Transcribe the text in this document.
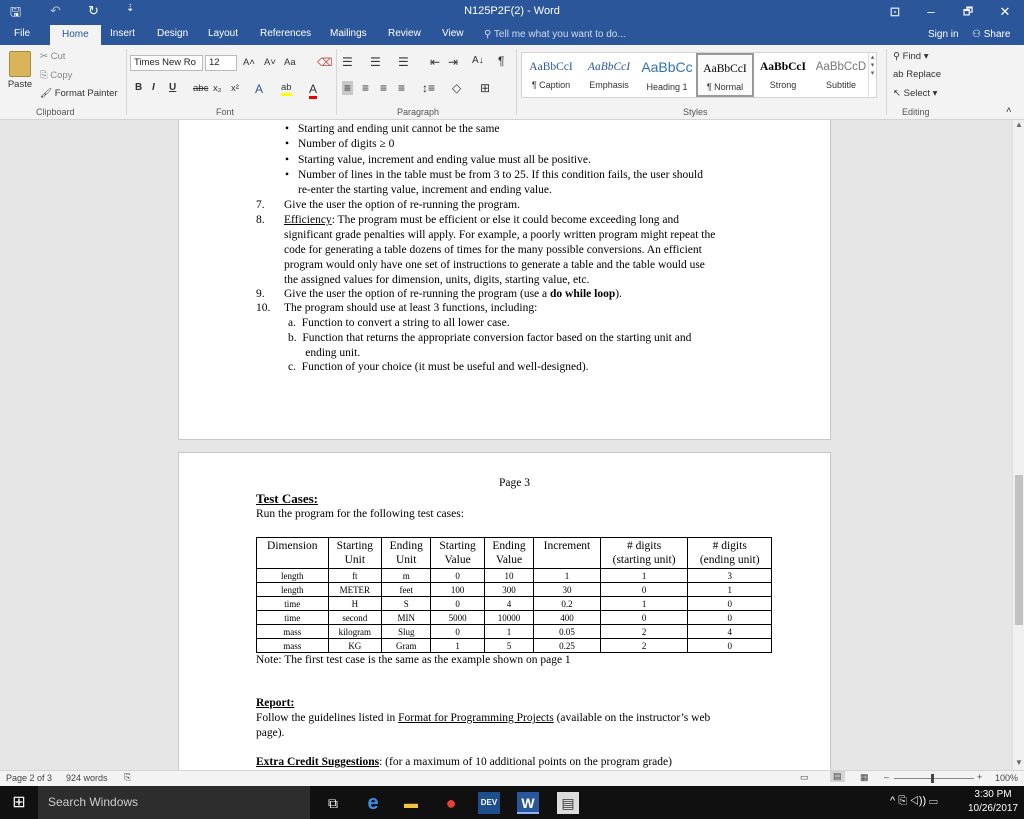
🖫 ↶ ↻	⇣	N125P2F(2) - Word	⊡	–	🗗	✕
File	Home	Insert Design Layout References Mailings Review View ⚲ Tell me what you want to do...	Sign in ⚇ Share
Paste
✂ Cut
⎘ Copy
🖌 Format Painter
Clipboard
Times New Ro	12	A˄ A˅ Aa ⌫
B I U abc x₂ x² A ab A
Font
☰ ☰ ☰ ⇤ ⇥ A↓ ¶
≡ ≡ ≡ ≡ ↕≡ ◇ ⊞
Paragraph
AaBbCcI
¶ Caption
AaBbCcI
Emphasis
AaBbCc
Heading 1
AaBbCcI
¶ Normal
AaBbCcI
Strong
AaBbCcD
Subtitle
▴
▾
▾
Styles
⚲ Find ▾
ab Replace
↖ Select ▾
Editing	˄
• Starting and ending unit cannot be the same
• Number of digits ≥ 0
• Starting value, increment and ending value must all be positive.
• Number of lines in the table must be from 3 to 25. If this condition fails, the user should
re-enter the starting value, increment and ending value.
7. Give the user the option of re-running the program.
8. Efficiency: The program must be efficient or else it could become exceeding long and
significant grade penalties will apply. For example, a poorly written program might repeat the
code for generating a table dozens of times for the many possible conversions. An efficient
program would only have one set of instructions to generate a table and the table would use
the assigned values for dimension, units, digits, starting value, etc.
9. Give the user the option of re-running the program (use a do while loop).
10. The program should use at least 3 functions, including:
a.  Function to convert a string to all lower case.
b.  Function that returns the appropriate conversion factor based on the starting unit and
ending unit.
c.  Function of your choice (it must be useful and well-designed).
Page 3
Test Cases:
Run the program for the following test cases:
Dimension	Starting
Unit	Ending
Unit	Starting
Value	Ending
Value	Increment	# digits
(starting unit)	# digits
(ending unit)
length	ft	m	0	10	1	1	3
length	METER	feet	100	300	30	0	1
time	H	S	0	4	0.2	1	0
time	second	MIN	5000	10000	400	0	0
mass	kilogram	Slug	0	1	0.05	2	4
mass	KG	Gram	1	5	0.25	2	0
Note: The first test case is the same as the example shown on page 1
Report:
Follow the guidelines listed in Format for Programming Projects (available on the instructor’s web
page).
Extra Credit Suggestions: (for a maximum of 10 additional points on the program grade)
▲
▼
Page 2 of 3 924 words ⎘	▭	▤	▦ –	+ 100%
⊞	Search Windows	⧉	e	▬	●	DEV	W	▤	^ ⎘ ◁)) ▭
3:30 PM
10/26/2017
